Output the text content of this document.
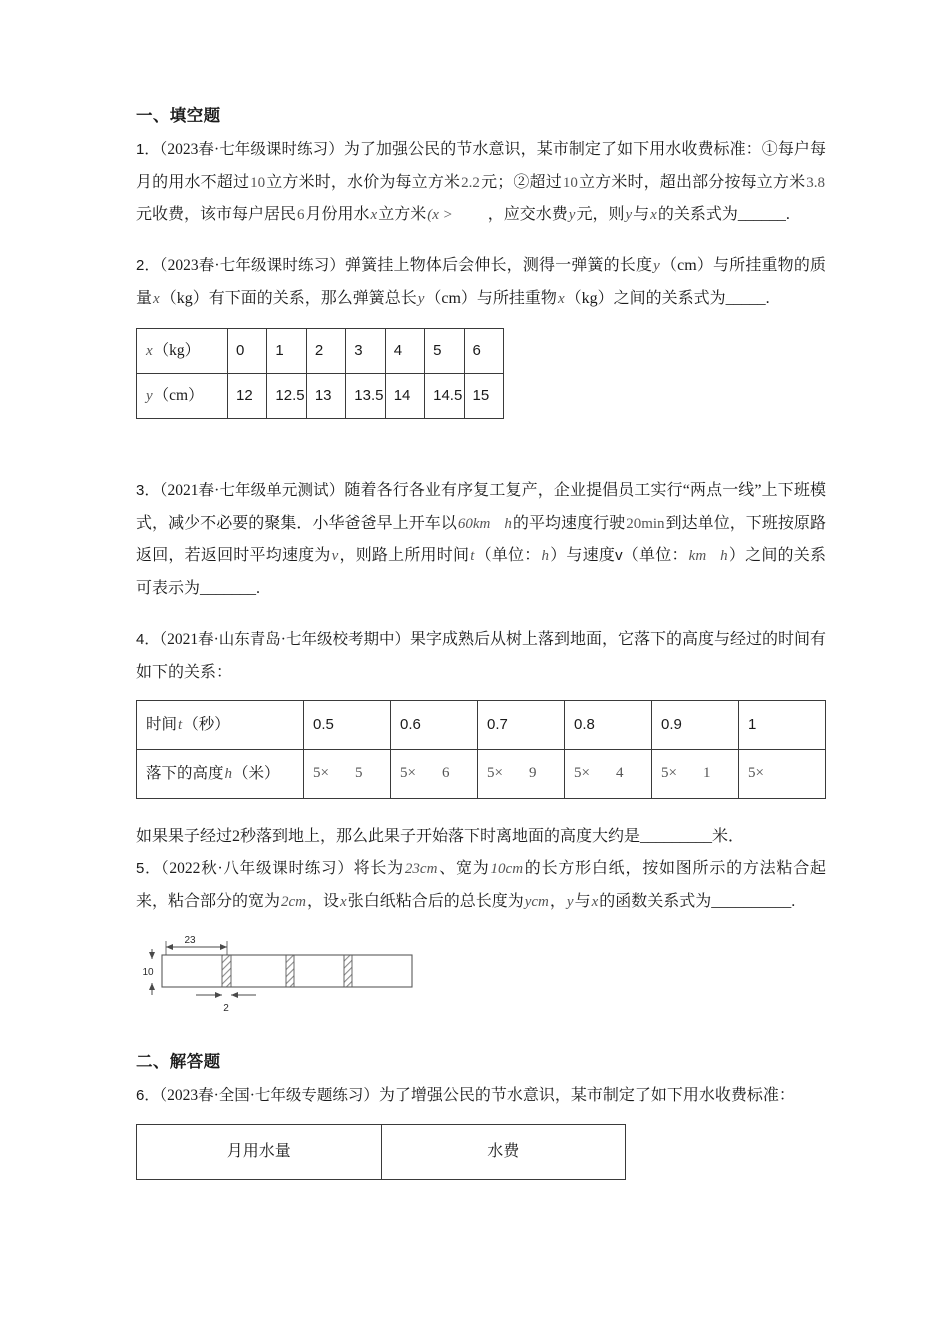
一、填空题

1．（2023春·七年级课时练习）为了加强公民的节水意识，某市制定了如下用水收费标准：①每户每月的用水不超过10立方米时，水价为每立方米2.2元；②超过10立方米时，超出部分按每立方米3.8元收费，该市每户居民6月份用水x立方米(x > ，应交水费y元，则y与x的关系式为______.

2．（2023春·七年级课时练习）弹簧挂上物体后会伸长，测得一弹簧的长度y（cm）与所挂重物的质量x（kg）有下面的关系，那么弹簧总长y（cm）与所挂重物x（kg）之间的关系式为_____.

x（kg）	0	1	2	3	4	5	6
y（cm）	12	12.5	13	13.5	14	14.5	15

3．（2021春·七年级单元测试）随着各行各业有序复工复产，企业提倡员工实行“两点一线”上下班模式，减少不必要的聚集．小华爸爸早上开车以60km h的平均速度行驶20min到达单位，下班按原路返回，若返回时平均速度为v，则路上所用时间t（单位：h）与速度v（单位：km h）之间的关系可表示为_______.

4．（2021春·山东青岛·七年级校考期中）果字成熟后从树上落到地面，它落下的高度与经过的时间有如下的关系：

时间t（秒）	0.5	0.6	0.7	0.8	0.9	1
落下的高度h（米）	5× 5	5× 6	5× 9	5× 4	5× 1	5×

如果果子经过2秒落到地上，那么此果子开始落下时离地面的高度大约是_________米．

5．（2022秋·八年级课时练习）将长为23cm、宽为10cm的长方形白纸，按如图所示的方法粘合起来，粘合部分的宽为2cm，设x张白纸粘合后的总长度为ycm，y与x的函数关系式为__________.

23
10
2
二、解答题

6．（2023春·全国·七年级专题练习）为了增强公民的节水意识，某市制定了如下用水收费标准：

月用水量	水费
